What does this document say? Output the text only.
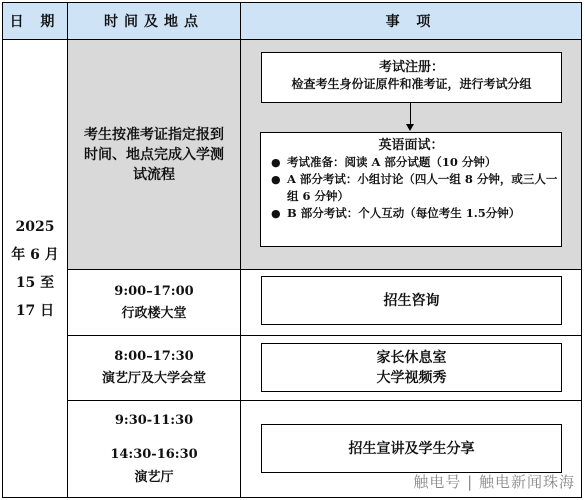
日 期	时间及地点	事 项
2025
年 6 月
15 至
17 日
考生按准考证指定报到时间、地点完成入学测试流程
考试注册：
检查考生身份证原件和准考证，进行考试分组
英语面试：
● 考试准备：阅读 A 部分试题（10 分钟）
● A 部分考试：小组讨论（四人一组 8 分钟，或三人一组 6 分钟）
● B 部分考试：个人互动（每位考生 1.5分钟）
9:00–17:00
行政楼大堂
招生咨询
8:00–17:30
演艺厅及大学会堂
家长休息室
大学视频秀
9:30-11:30
14:30-16:30
演艺厅
招生宣讲及学生分享
触电号 | 触电新闻珠海
